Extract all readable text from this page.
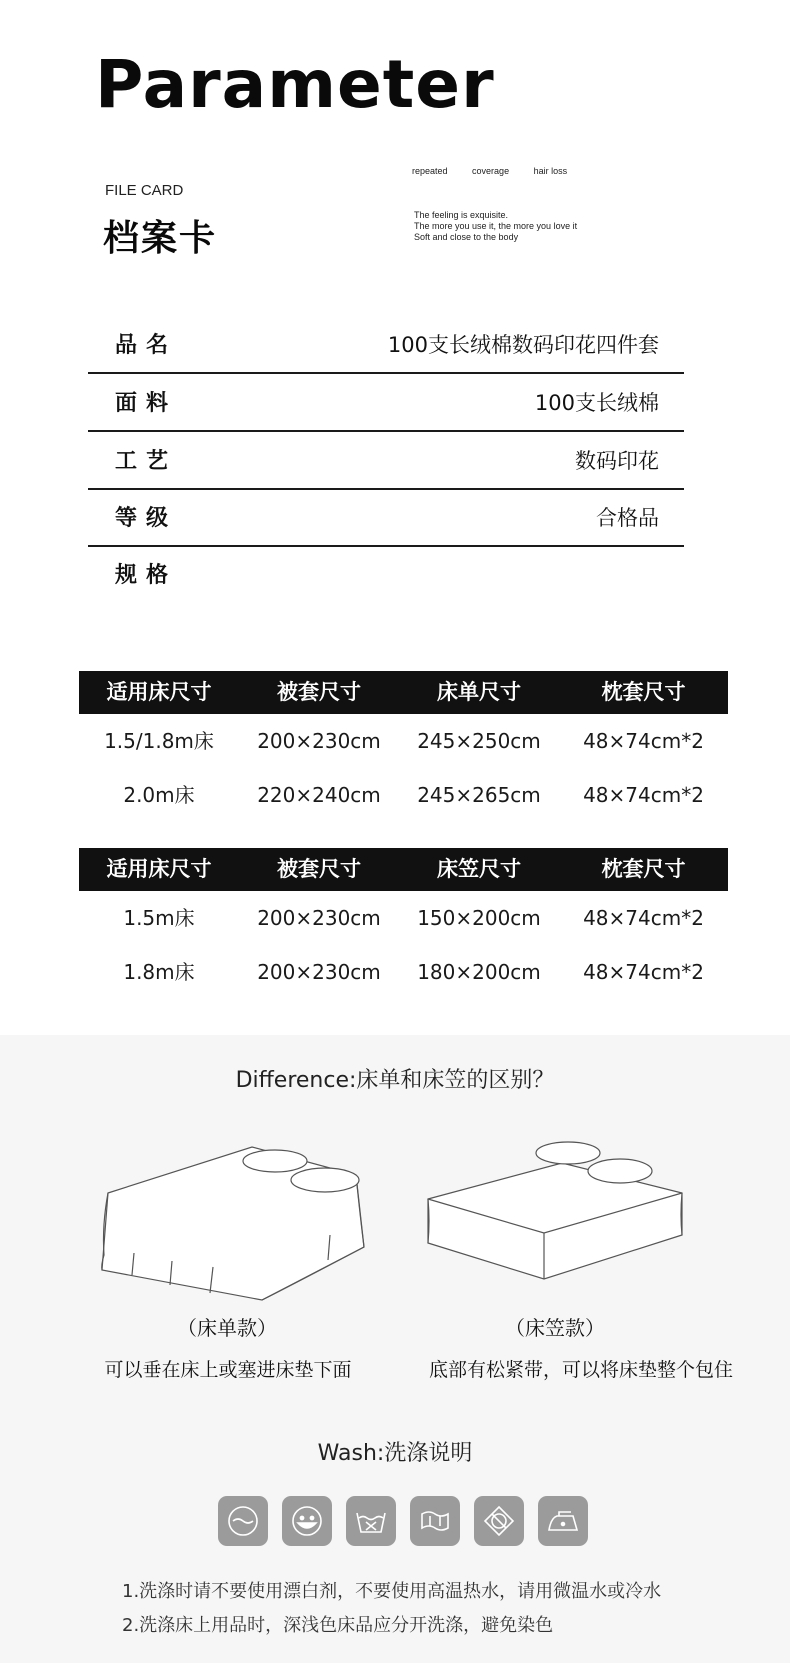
Parameter
FILE CARD
档案卡
repeated	coverage	hair loss
The feeling is exquisite.
The more you use it, the more you love it
Soft and close to the body
品名	100支长绒棉数码印花四件套
面料	100支长绒棉
工艺	数码印花
等级	合格品
规格
适用床尺寸	被套尺寸	床单尺寸	枕套尺寸
1.5/1.8m床	200×230cm	245×250cm	48×74cm*2
2.0m床	220×240cm	245×265cm	48×74cm*2
适用床尺寸	被套尺寸	床笠尺寸	枕套尺寸
1.5m床	200×230cm	150×200cm	48×74cm*2
1.8m床	200×230cm	180×200cm	48×74cm*2
Difference:床单和床笠的区别？
（床单款）
可以垂在床上或塞进床垫下面
（床笠款）
底部有松紧带，可以将床垫整个包住
Wash:洗涤说明
1.洗涤时请不要使用漂白剂，不要使用高温热水，请用微温水或冷水
2.洗涤床上用品时，深浅色床品应分开洗涤，避免染色
